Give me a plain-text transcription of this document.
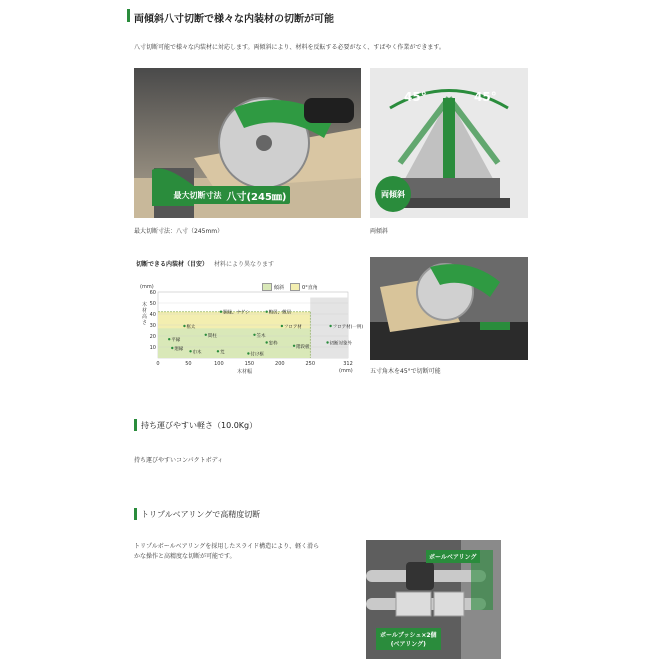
両傾斜八寸切断で様々な内装材の切断が可能
八寸切断可能で様々な内装材に対応します。両傾斜により、材料を反転する必要がなく、すばやく作業ができます。
最大切断寸法 八寸(245㎜)
最大切断寸法：八寸（245mm）
45°	45°
両傾斜
両傾斜
切断できる内装材（目安） 材料により異なります
(mm)
木
材
高
さ
60
50
40
30
20
10
0	50	100	150	200	250	312
鴨居、敷居
胴縁、ナゲシ
フロア材	フロア材(一例)
框太
間柱
平縁
廻縁
巾木	荒
笠木
窓枠
階段板
付け框
切断対象外
木材幅	(mm)
傾斜	0°直角
五寸角木を45°で切断可能
持ち運びやすい軽さ（10.0Kg）
持ち運びやすいコンパクトボディ
トリプルベアリングで高精度切断
トリプルボールベアリングを採用したスライド構造により、軽く滑ら
かな操作と高精度な切断が可能です。	ボールベアリング
ボールブッシュ×2個
(ベアリング)
